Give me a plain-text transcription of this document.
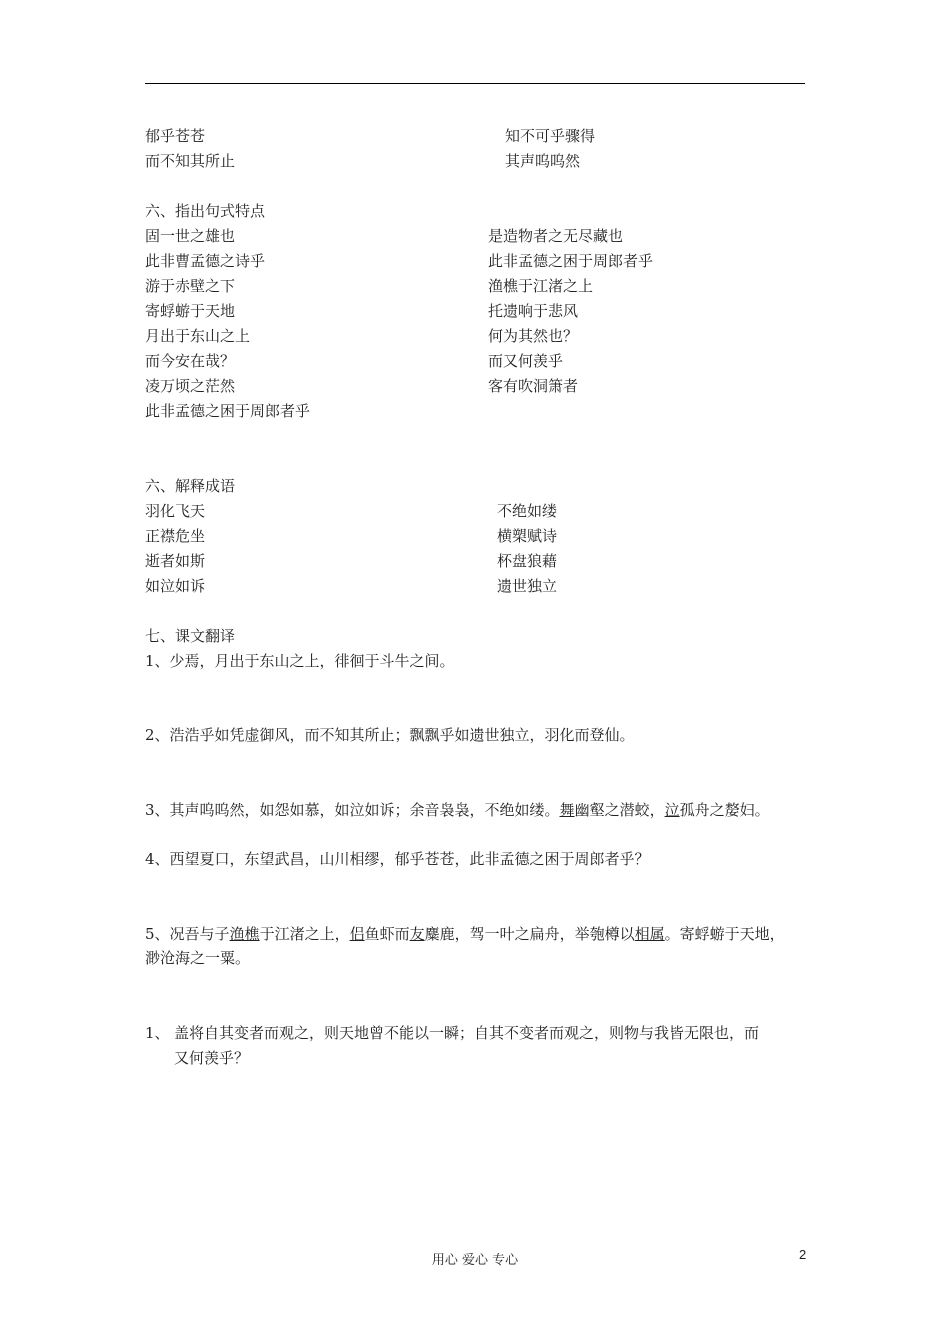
郁乎苍苍	知不可乎骤得
而不知其所止	其声呜呜然
六、指出句式特点
固一世之雄也	是造物者之无尽藏也
此非曹孟德之诗乎	此非孟德之困于周郎者乎
游于赤壁之下	渔樵于江渚之上
寄蜉蝣于天地	托遗响于悲风
月出于东山之上	何为其然也？
而今安在哉？	而又何羡乎
凌万顷之茫然	客有吹洞箫者
此非孟德之困于周郎者乎
六、解释成语
羽化飞天	不绝如缕
正襟危坐	横槊赋诗
逝者如斯	杯盘狼藉
如泣如诉	遗世独立
七、课文翻译
1、少焉，月出于东山之上，徘徊于斗牛之间。
2、浩浩乎如凭虚御风，而不知其所止；飘飘乎如遗世独立，羽化而登仙。
3、其声呜呜然，如怨如慕，如泣如诉；余音袅袅，不绝如缕。舞幽壑之潜蛟，泣孤舟之嫠妇。
4、西望夏口，东望武昌，山川相缪，郁乎苍苍，此非孟德之困于周郎者乎？
5、况吾与子渔樵于江渚之上，侣鱼虾而友麋鹿，驾一叶之扁舟，举匏樽以相属。寄蜉蝣于天地，
渺沧海之一粟。
1、 盖将自其变者而观之，则天地曾不能以一瞬；自其不变者而观之，则物与我皆无限也，而
又何羡乎？
用心 爱心 专心	2
